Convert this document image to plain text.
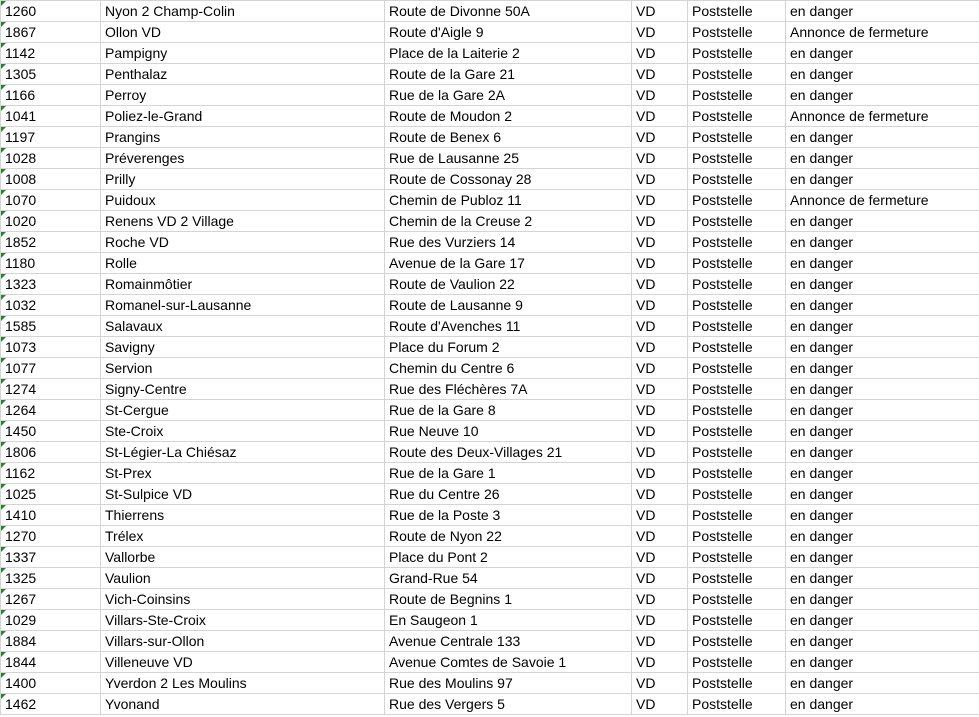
1260	Nyon 2 Champ-Colin	Route de Divonne 50A	VD	Poststelle	en danger

1867	Ollon VD	Route d'Aigle 9	VD	Poststelle	Annonce de fermeture

1142	Pampigny	Place de la Laiterie 2	VD	Poststelle	en danger

1305	Penthalaz	Route de la Gare 21	VD	Poststelle	en danger

1166	Perroy	Rue de la Gare 2A	VD	Poststelle	en danger

1041	Poliez-le-Grand	Route de Moudon 2	VD	Poststelle	Annonce de fermeture

1197	Prangins	Route de Benex 6	VD	Poststelle	en danger

1028	Préverenges	Rue de Lausanne 25	VD	Poststelle	en danger

1008	Prilly	Route de Cossonay 28	VD	Poststelle	en danger

1070	Puidoux	Chemin de Publoz 11	VD	Poststelle	Annonce de fermeture

1020	Renens VD 2 Village	Chemin de la Creuse 2	VD	Poststelle	en danger

1852	Roche VD	Rue des Vurziers 14	VD	Poststelle	en danger

1180	Rolle	Avenue de la Gare 17	VD	Poststelle	en danger

1323	Romainmôtier	Route de Vaulion 22	VD	Poststelle	en danger

1032	Romanel-sur-Lausanne	Route de Lausanne 9	VD	Poststelle	en danger

1585	Salavaux	Route d'Avenches 11	VD	Poststelle	en danger

1073	Savigny	Place du Forum 2	VD	Poststelle	en danger

1077	Servion	Chemin du Centre 6	VD	Poststelle	en danger

1274	Signy-Centre	Rue des Fléchères 7A	VD	Poststelle	en danger

1264	St-Cergue	Rue de la Gare 8	VD	Poststelle	en danger

1450	Ste-Croix	Rue Neuve 10	VD	Poststelle	en danger

1806	St-Légier-La Chiésaz	Route des Deux-Villages 21	VD	Poststelle	en danger

1162	St-Prex	Rue de la Gare 1	VD	Poststelle	en danger

1025	St-Sulpice VD	Rue du Centre 26	VD	Poststelle	en danger

1410	Thierrens	Rue de la Poste 3	VD	Poststelle	en danger

1270	Trélex	Route de Nyon 22	VD	Poststelle	en danger

1337	Vallorbe	Place du Pont 2	VD	Poststelle	en danger

1325	Vaulion	Grand-Rue 54	VD	Poststelle	en danger

1267	Vich-Coinsins	Route de Begnins 1	VD	Poststelle	en danger

1029	Villars-Ste-Croix	En Saugeon 1	VD	Poststelle	en danger

1884	Villars-sur-Ollon	Avenue Centrale 133	VD	Poststelle	en danger

1844	Villeneuve VD	Avenue Comtes de Savoie 1	VD	Poststelle	en danger

1400	Yverdon 2 Les Moulins	Rue des Moulins 97	VD	Poststelle	en danger

1462	Yvonand	Rue des Vergers 5	VD	Poststelle	en danger
